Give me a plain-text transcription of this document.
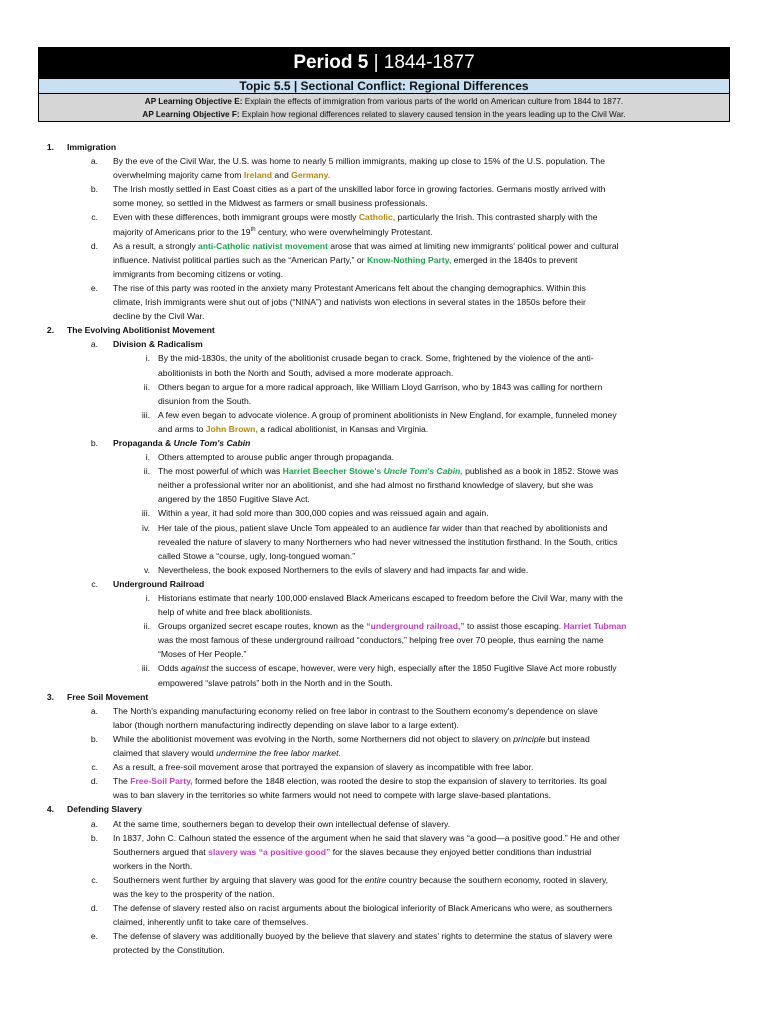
Period 5 | 1844-1877
Topic 5.5 | Sectional Conflict: Regional Differences
AP Learning Objective E: Explain the effects of immigration from various parts of the world on American culture from 1844 to 1877.
AP Learning Objective F: Explain how regional differences related to slavery caused tension in the years leading up to the Civil War.
1. Immigration
a. By the eve of the Civil War, the U.S. was home to nearly 5 million immigrants, making up close to 15% of the U.S. population. The
overwhelming majority came from Ireland and Germany.
b. The Irish mostly settled in East Coast cities as a part of the unskilled labor force in growing factories. Germans mostly arrived with
some money, so settled in the Midwest as farmers or small business professionals.
c. Even with these differences, both immigrant groups were mostly Catholic, particularly the Irish. This contrasted sharply with the
majority of Americans prior to the 19th century, who were overwhelmingly Protestant.
d. As a result, a strongly anti-Catholic nativist movement arose that was aimed at limiting new immigrants' political power and cultural
influence. Nativist political parties such as the “American Party,” or Know-Nothing Party, emerged in the 1840s to prevent
immigrants from becoming citizens or voting.
e. The rise of this party was rooted in the anxiety many Protestant Americans felt about the changing demographics. Within this
climate, Irish immigrants were shut out of jobs (“NINA”) and nativists won elections in several states in the 1850s before their
decline by the Civil War.
2. The Evolving Abolitionist Movement
a. Division & Radicalism
i. By the mid-1830s, the unity of the abolitionist crusade began to crack. Some, frightened by the violence of the anti-
abolitionists in both the North and South, advised a more moderate approach.
ii. Others began to argue for a more radical approach, like William Lloyd Garrison, who by 1843 was calling for northern
disunion from the South.
iii. A few even began to advocate violence. A group of prominent abolitionists in New England, for example, funneled money
and arms to John Brown, a radical abolitionist, in Kansas and Virginia.
b. Propaganda & Uncle Tom's Cabin
i. Others attempted to arouse public anger through propaganda.
ii. The most powerful of which was Harriet Beecher Stowe's Uncle Tom's Cabin, published as a book in 1852. Stowe was
neither a professional writer nor an abolitionist, and she had almost no firsthand knowledge of slavery, but she was
angered by the 1850 Fugitive Slave Act.
iii. Within a year, it had sold more than 300,000 copies and was reissued again and again.
iv. Her tale of the pious, patient slave Uncle Tom appealed to an audience far wider than that reached by abolitionists and
revealed the nature of slavery to many Northerners who had never witnessed the institution firsthand. In the South, critics
called Stowe a “course, ugly, long-tongued woman.”
v. Nevertheless, the book exposed Northerners to the evils of slavery and had impacts far and wide.
c. Underground Railroad
i. Historians estimate that nearly 100,000 enslaved Black Americans escaped to freedom before the Civil War, many with the
help of white and free black abolitionists.
ii. Groups organized secret escape routes, known as the “underground railroad,” to assist those escaping. Harriet Tubman
was the most famous of these underground railroad “conductors,” helping free over 70 people, thus earning the name
“Moses of Her People.”
iii. Odds against the success of escape, however, were very high, especially after the 1850 Fugitive Slave Act more robustly
empowered “slave patrols” both in the North and in the South.
3. Free Soil Movement
a. The North's expanding manufacturing economy relied on free labor in contrast to the Southern economy's dependence on slave
labor (though northern manufacturing indirectly depending on slave labor to a large extent).
b. While the abolitionist movement was evolving in the North, some Northerners did not object to slavery on principle but instead
claimed that slavery would undermine the free labor market.
c. As a result, a free-soil movement arose that portrayed the expansion of slavery as incompatible with free labor.
d. The Free-Soil Party, formed before the 1848 election, was rooted the desire to stop the expansion of slavery to territories. Its goal
was to ban slavery in the territories so white farmers would not need to compete with large slave-based plantations.
4. Defending Slavery
a. At the same time, southerners began to develop their own intellectual defense of slavery.
b. In 1837, John C. Calhoun stated the essence of the argument when he said that slavery was “a good—a positive good.” He and other
Southerners argued that slavery was “a positive good” for the slaves because they enjoyed better conditions than industrial
workers in the North.
c. Southerners went further by arguing that slavery was good for the entire country because the southern economy, rooted in slavery,
was the key to the prosperity of the nation.
d. The defense of slavery rested also on racist arguments about the biological inferiority of Black Americans who were, as southerners
claimed, inherently unfit to take care of themselves.
e. The defense of slavery was additionally buoyed by the believe that slavery and states' rights to determine the status of slavery were
protected by the Constitution.
